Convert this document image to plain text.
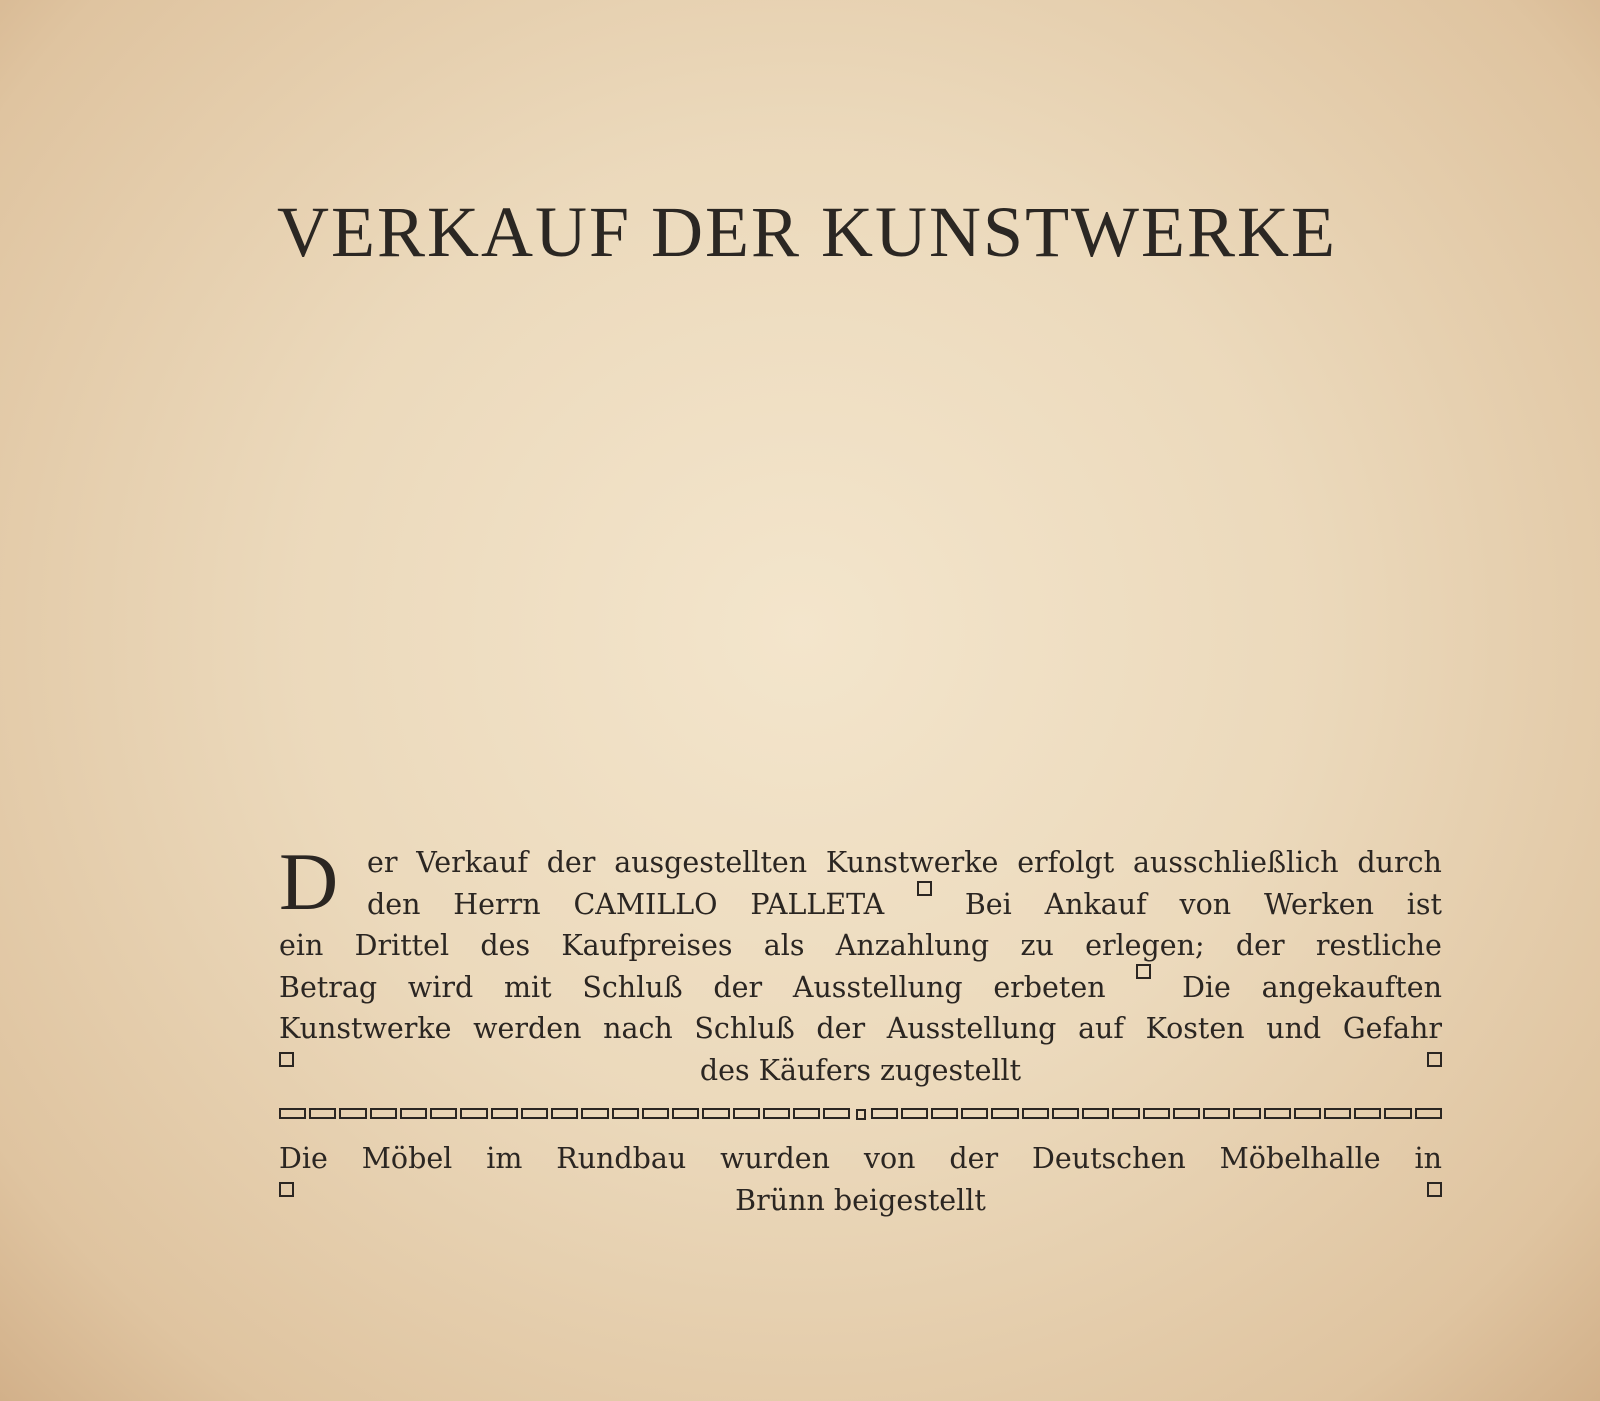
VERKAUF DER KUNSTWERKE
D er Verkauf der ausgestellten Kunstwerke erfolgt ausschließlich durch
den Herrn CAMILLO PALLETA	Bei Ankauf von Werken ist
ein Drittel des Kaufpreises als Anzahlung zu erlegen; der restliche
Betrag wird mit Schluß der Ausstellung erbeten	Die angekauften
Kunstwerke werden nach Schluß der Ausstellung auf Kosten und Gefahr
des Käufers zugestellt
Die Möbel im Rundbau wurden von der Deutschen Möbelhalle in
Brünn beigestellt
